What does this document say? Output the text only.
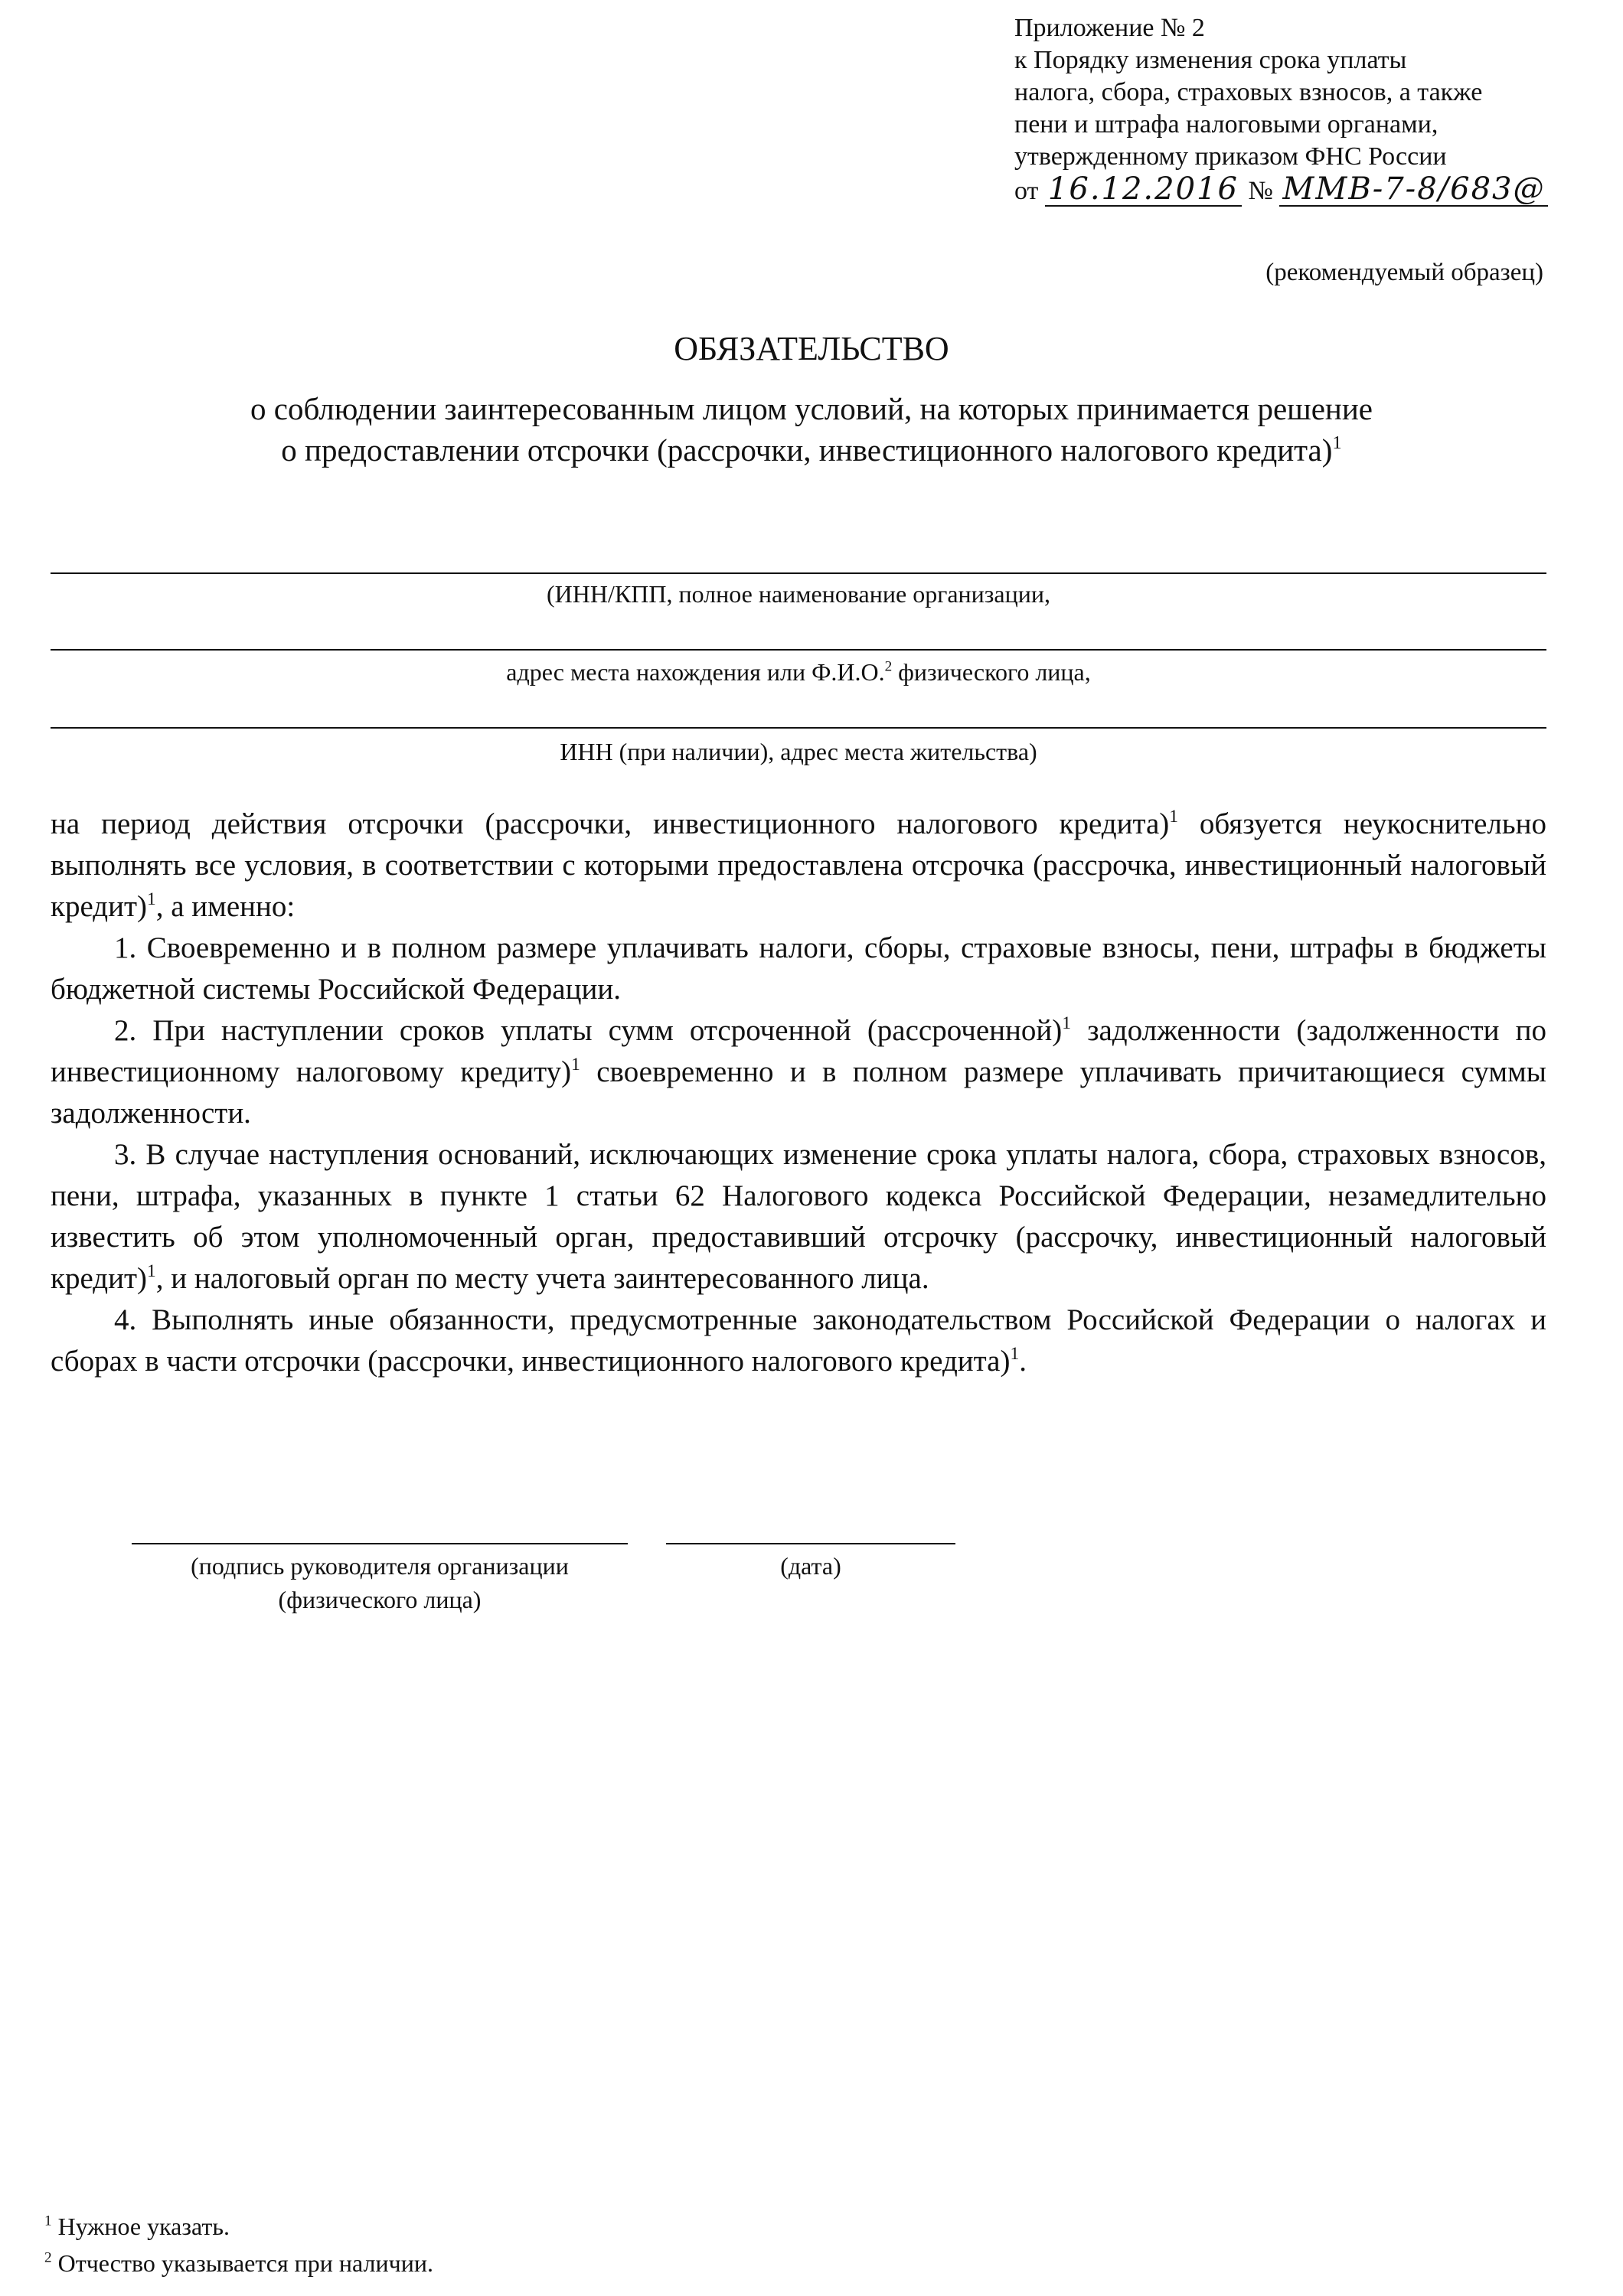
Приложение № 2
к Порядку изменения срока уплаты
налога, сбора, страховых взносов, а также
пени и штрафа налоговыми органами,
утвержденному приказом ФНС России
от 16.12.2016 № ММВ-7-8/683@
(рекомендуемый образец)
ОБЯЗАТЕЛЬСТВО
о соблюдении заинтересованным лицом условий, на которых принимается решение
о предоставлении отсрочки (рассрочки, инвестиционного налогового кредита)$^1$
(ИНН/КПП, полное наименование организации,
адрес места нахождения или Ф.И.О.$^2$ физического лица,
ИНН (при наличии), адрес места жительства)

на период действия отсрочки (рассрочки, инвестиционного налогового кредита)$^1$ обязуется неукоснительно выполнять все условия, в соответствии с которыми предоставлена отсрочка (рассрочка, инвестиционный налоговый кредит)$^1$, а именно:

1. Своевременно и в полном размере уплачивать налоги, сборы, страховые взносы, пени, штрафы в бюджеты бюджетной системы Российской Федерации.

2. При наступлении сроков уплаты сумм отсроченной (рассроченной)$^1$ задолженности (задолженности по инвестиционному налоговому кредиту)$^1$ своевременно и в полном размере уплачивать причитающиеся суммы задолженности.

3. В случае наступления оснований, исключающих изменение срока уплаты налога, сбора, страховых взносов, пени, штрафа, указанных в пункте 1 статьи 62 Налогового кодекса Российской Федерации, незамедлительно известить об этом уполномоченный орган, предоставивший отсрочку (рассрочку, инвестиционный налоговый кредит)$^1$, и налоговый орган по месту учета заинтересованного лица.

4. Выполнять иные обязанности, предусмотренные законодательством Российской Федерации о налогах и сборах в части отсрочки (рассрочки, инвестиционного налогового кредита)$^1$.

(подпись руководителя организации
(физического лица)
(дата)
$^1$ Нужное указать.
$^2$ Отчество указывается при наличии.
